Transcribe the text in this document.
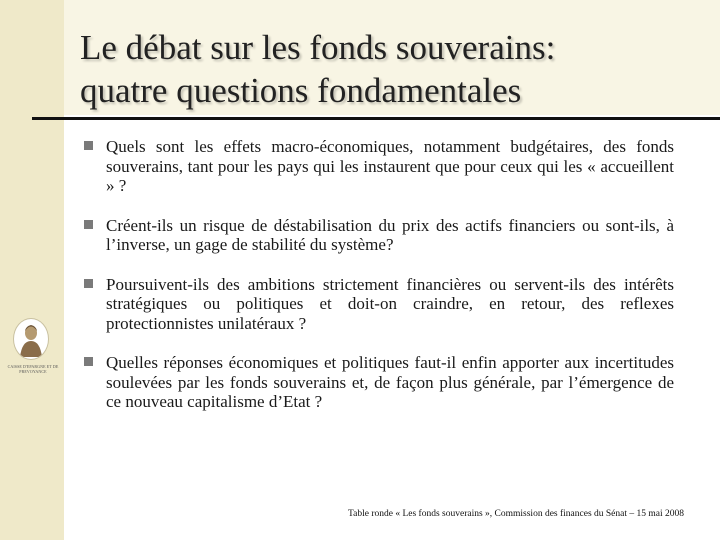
Le débat sur les fonds souverains:
quatre questions fondamentales
Quels sont les effets macro-économiques, notamment budgétaires, des fonds souverains, tant pour les pays qui les instaurent que pour ceux qui les « accueillent » ?
Créent-ils un risque de déstabilisation du prix des actifs financiers ou sont-ils, à l’inverse, un gage de stabilité du système?
Poursuivent-ils des ambitions strictement financières ou servent-ils des intérêts stratégiques ou politiques et doit-on craindre, en retour, des reflexes protectionnistes unilatéraux ?
Quelles réponses économiques et politiques faut-il enfin apporter aux incertitudes soulevées par les fonds souverains et, de façon plus générale, par l’émergence de ce nouveau capitalisme d’Etat ?
CAISSE D'EPARGNE ET DE
PREVOYANCE
Table ronde « Les fonds souverains », Commission des finances du Sénat – 15 mai 2008
